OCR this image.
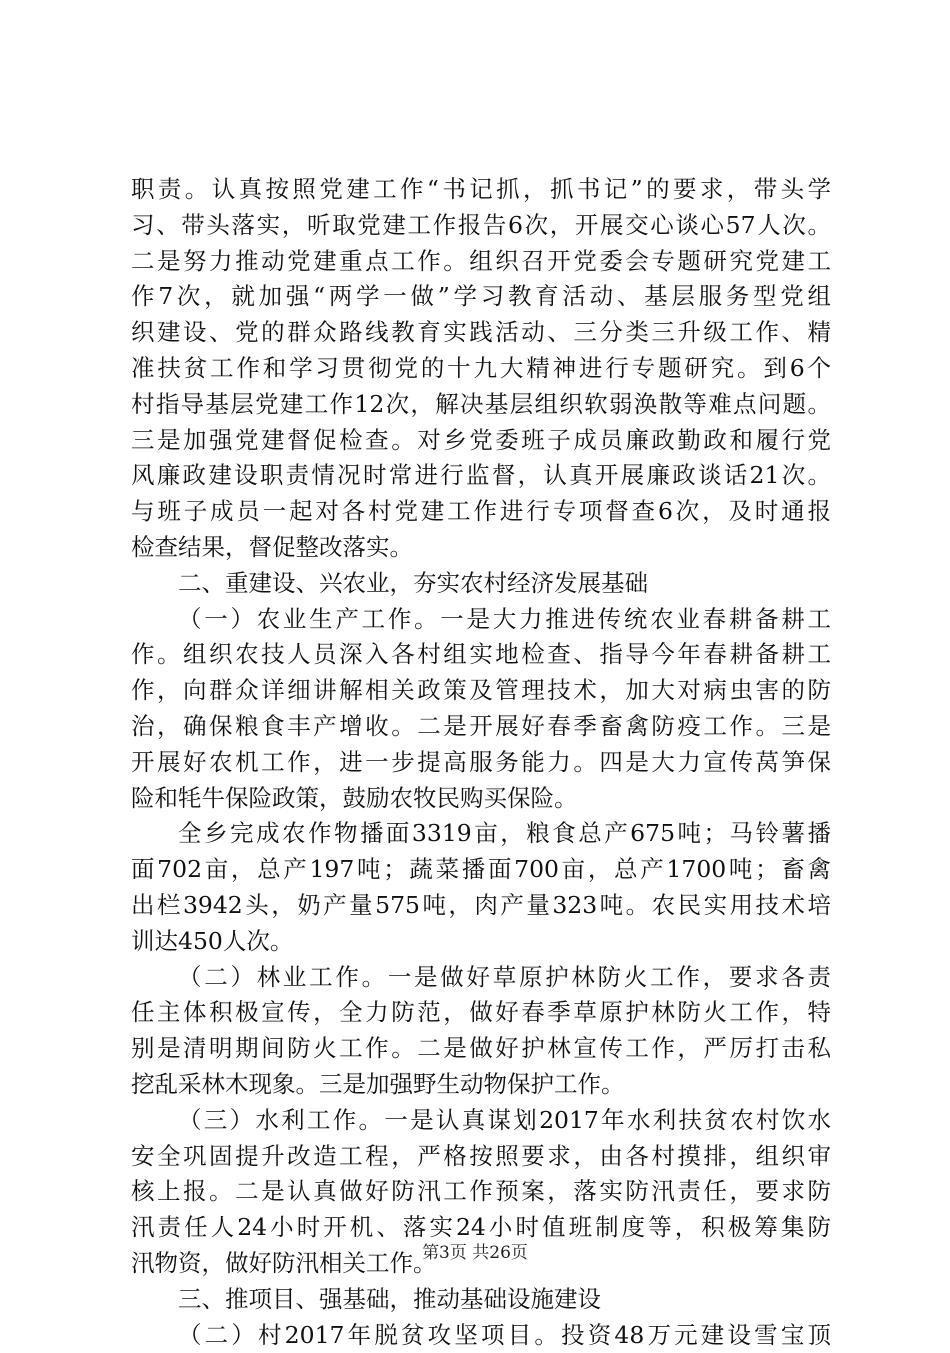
职责。认真按照党建工作“书记抓，抓书记”的要求，带头学
习、带头落实，听取党建工作报告6次，开展交心谈心57人次。
二是努力推动党建重点工作。组织召开党委会专题研究党建工
作7次，就加强“两学一做”学习教育活动、基层服务型党组
织建设、党的群众路线教育实践活动、三分类三升级工作、精
准扶贫工作和学习贯彻党的十九大精神进行专题研究。到6个
村指导基层党建工作12次，解决基层组织软弱涣散等难点问题。
三是加强党建督促检查。对乡党委班子成员廉政勤政和履行党
风廉政建设职责情况时常进行监督，认真开展廉政谈话21次。
与班子成员一起对各村党建工作进行专项督查6次，及时通报
检查结果，督促整改落实。
二、重建设、兴农业，夯实农村经济发展基础
（一）农业生产工作。一是大力推进传统农业春耕备耕工
作。组织农技人员深入各村组实地检查、指导今年春耕备耕工
作，向群众详细讲解相关政策及管理技术，加大对病虫害的防
治，确保粮食丰产增收。二是开展好春季畜禽防疫工作。三是
开展好农机工作，进一步提高服务能力。四是大力宣传莴笋保
险和牦牛保险政策，鼓励农牧民购买保险。
全乡完成农作物播面3319亩，粮食总产675吨；马铃薯播
面702亩，总产197吨；蔬菜播面700亩，总产1700吨；畜禽
出栏3942头，奶产量575吨，肉产量323吨。农民实用技术培
训达450人次。
（二）林业工作。一是做好草原护林防火工作，要求各责
任主体积极宣传，全力防范，做好春季草原护林防火工作，特
别是清明期间防火工作。二是做好护林宣传工作，严厉打击私
挖乱采林木现象。三是加强野生动物保护工作。
（三）水利工作。一是认真谋划2017年水利扶贫农村饮水
安全巩固提升改造工程，严格按照要求，由各村摸排，组织审
核上报。二是认真做好防汛工作预案，落实防汛责任，要求防
汛责任人24小时开机、落实24小时值班制度等，积极筹集防
汛物资，做好防汛相关工作。
三、推项目、强基础，推动基础设施建设
（二）村2017年脱贫攻坚项目。投资48万元建设雪宝顶
第3页 共26页
